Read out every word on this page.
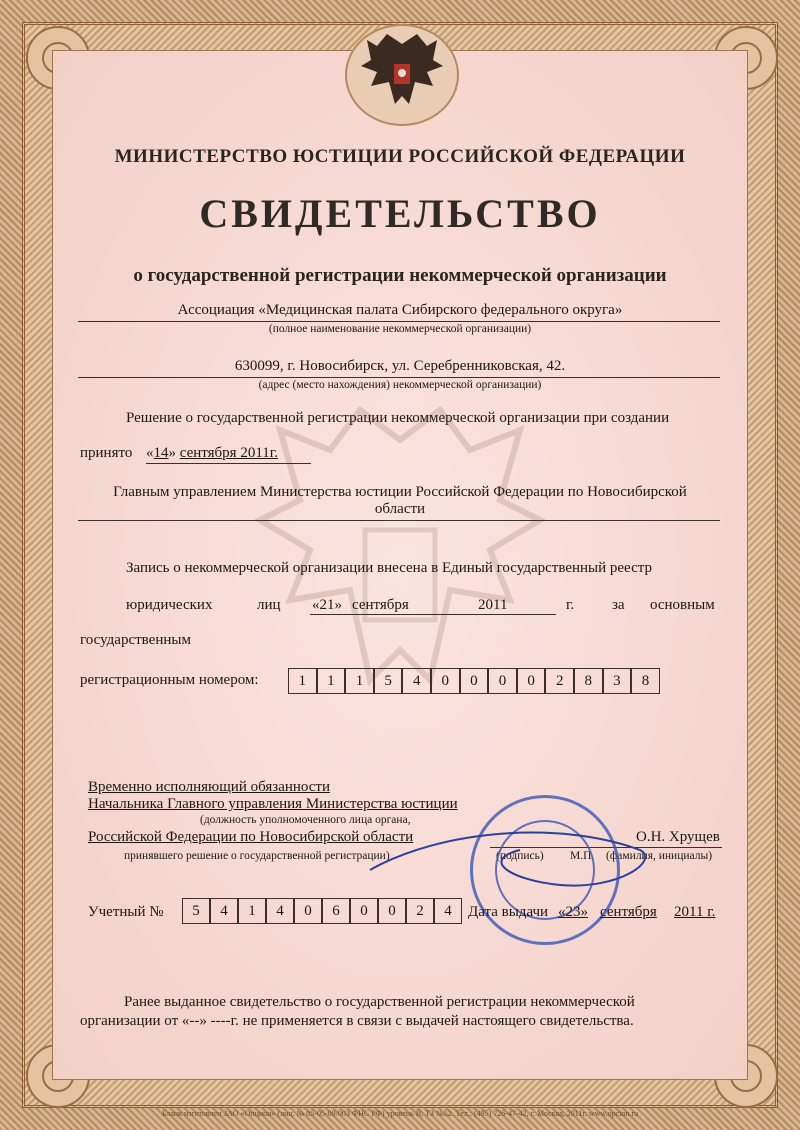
МИНИСТЕРСТВО ЮСТИЦИИ РОССИЙСКОЙ ФЕДЕРАЦИИ
СВИДЕТЕЛЬСТВО
о государственной регистрации некоммерческой организации
Ассоциация «Медицинская палата Сибирского федерального округа»
(полное наименование некоммерческой организации)
630099, г. Новосибирск, ул. Серебренниковская, 42.
(адрес (место нахождения) некоммерческой организации)
Решение о государственной регистрации некоммерческой организации при создании
принято «14» сентября 2011г.
Главным управлением Министерства юстиции Российской Федерации по Новосибирской
области
Запись о некоммерческой организации внесена в Единый государственный реестр
юридических	лиц «21» сентября	2011	г.	за основным
государственным
регистрационным номером:	1	1	1	5	4	0	0	0	0	2	8	3	8
Временно исполняющий обязанности
Начальника Главного управления Министерства юстиции
(должность уполномоченного лица органа,
Российской Федерации по Новосибирской области
принявшего решение о государственной регистрации)
О.Н. Хрущев
(подпись) М.П. (фамилия, инициалы)
Учетный №	5	4	1	4	0	6	0	0	2	4	Дата выдачи «23» сентября 2011 г.
Ранее выданное свидетельство о государственной регистрации некоммерческой
организации от «--» ----г. не применяется в связи с выдачей настоящего свидетельства.
Бланк изготовлен ЗАО «Опцион» (лиц. № 05-05-09/003 ФНС РФ) уровень В, ТЗ №52. Тел.: (495) 726-47-42, г. Москва, 2011г. www.opcion.ru
